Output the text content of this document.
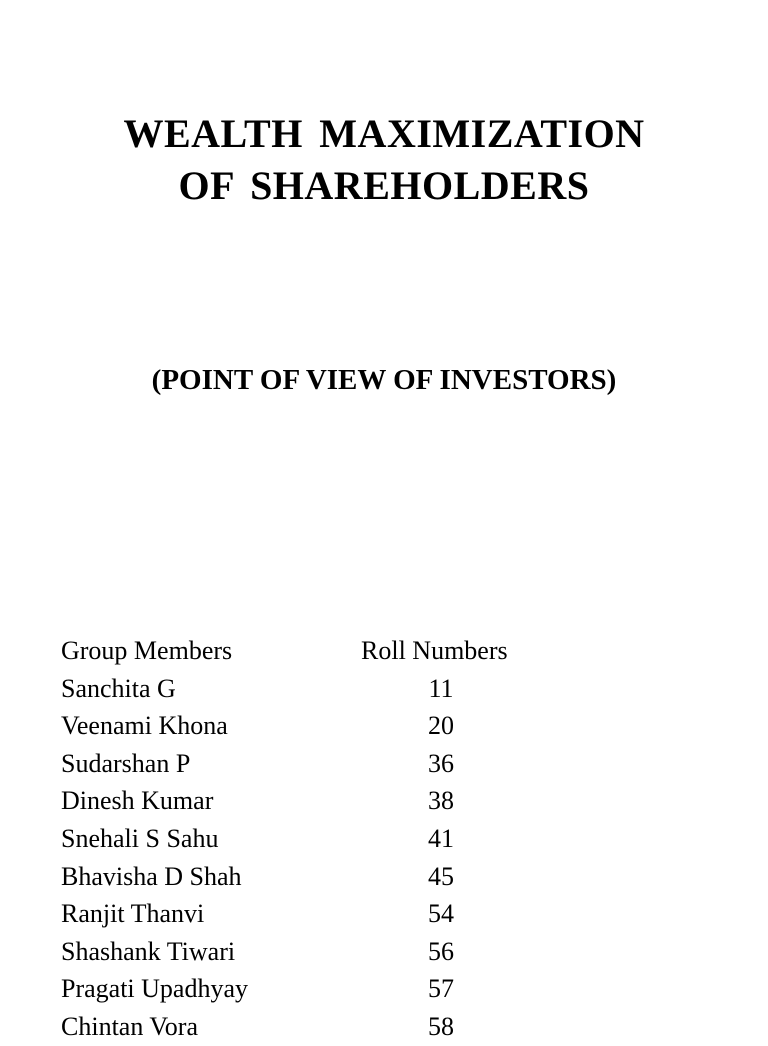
WEALTH MAXIMIZATION
OF SHAREHOLDERS
(POINT OF VIEW OF INVESTORS)
Group Members	Roll Numbers
Sanchita G	11
Veenami Khona	20
Sudarshan P	36
Dinesh Kumar	38
Snehali S Sahu	41
Bhavisha D Shah	45
Ranjit Thanvi	54
Shashank Tiwari	56
Pragati Upadhyay	57
Chintan Vora	58
